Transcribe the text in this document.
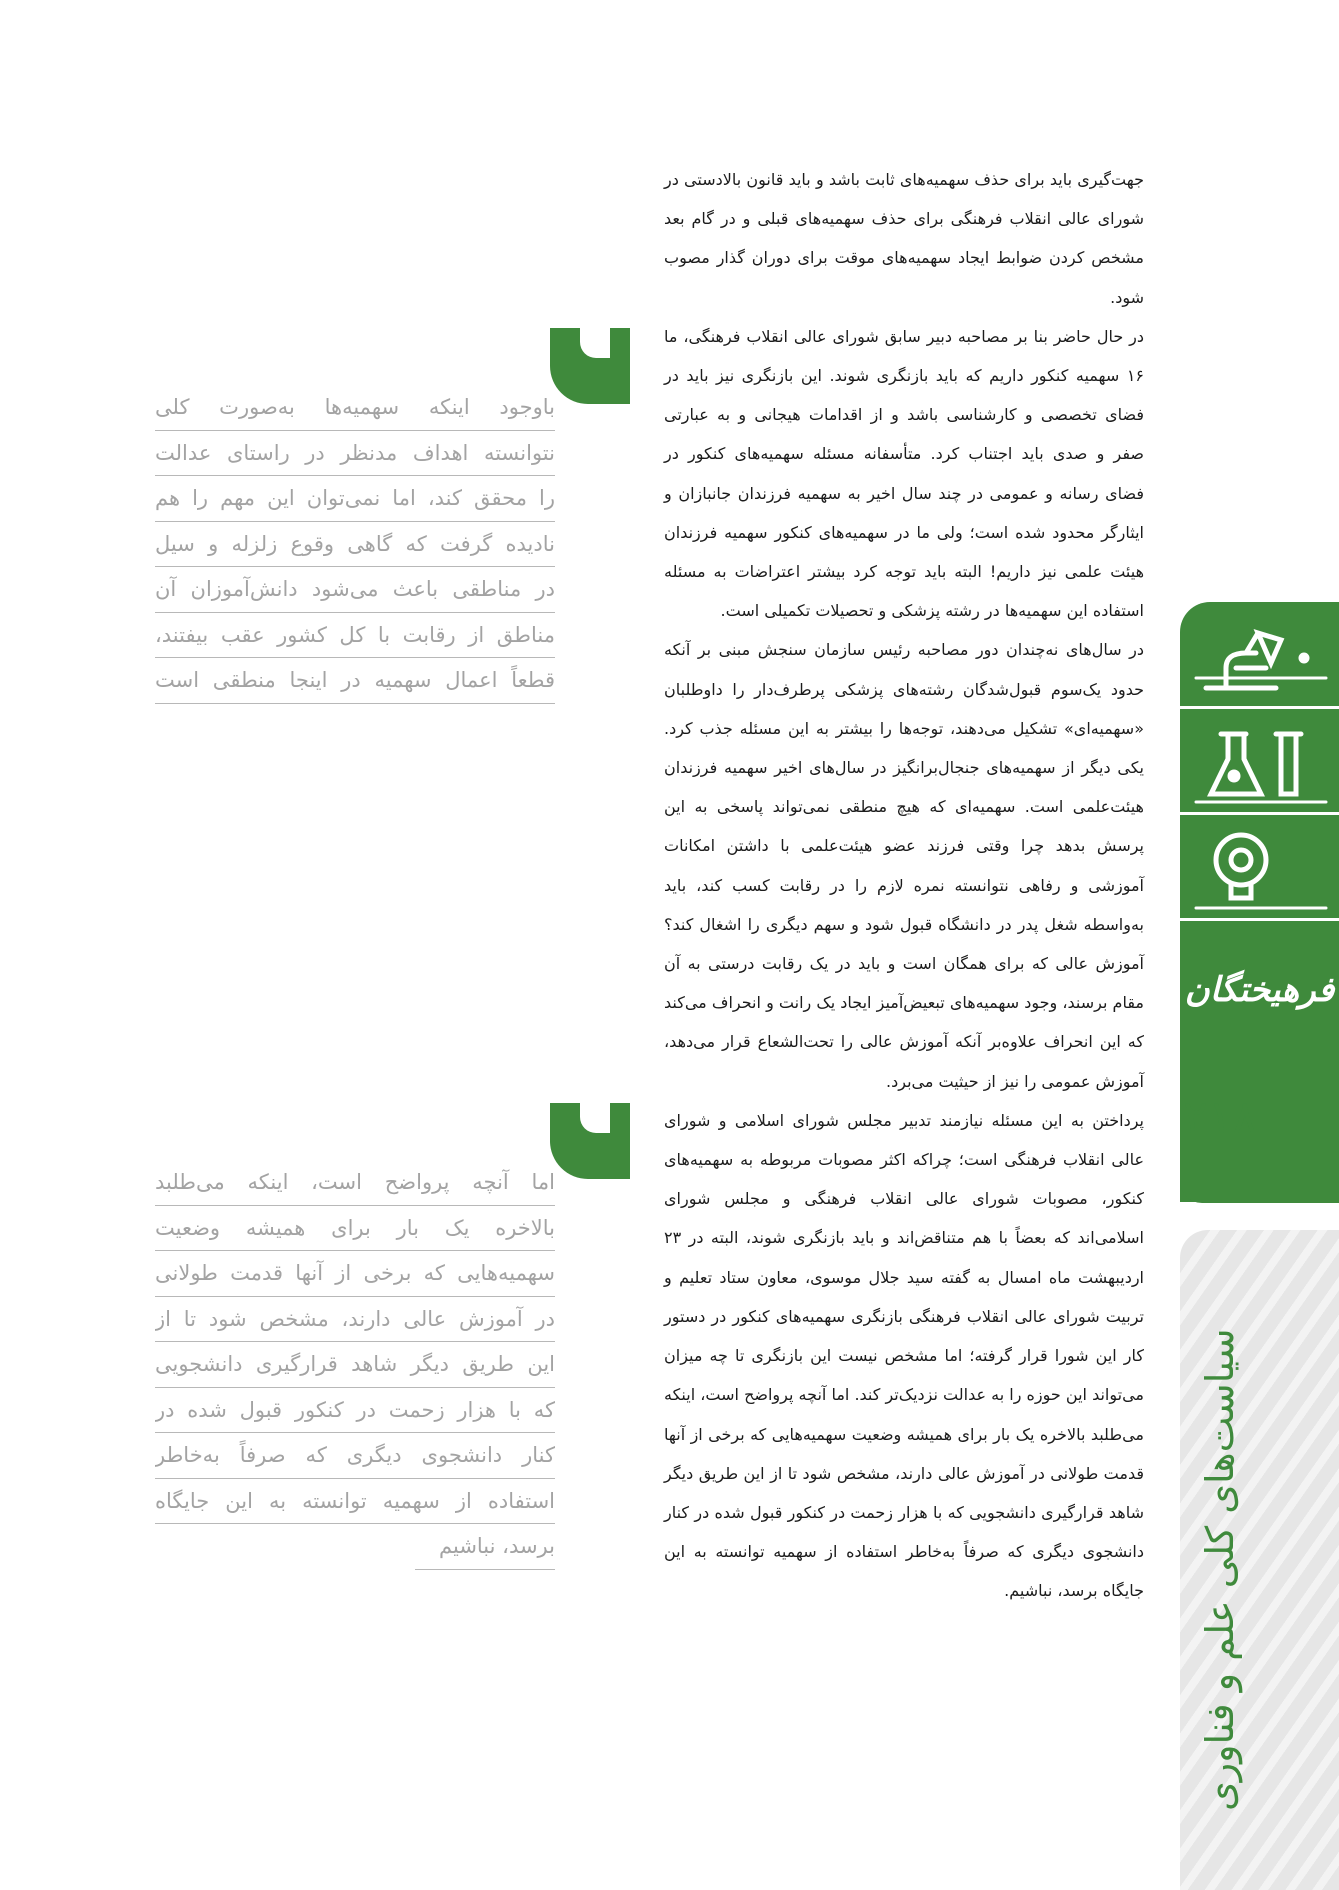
جهت‌گیری باید برای حذف سهمیه‌های ثابت باشد و باید قانون بالادستی در شورای عالی انقلاب فرهنگی برای حذف سهمیه‌های قبلی و در گام بعد مشخص کردن ضوابط ایجاد سهمیه‌های موقت برای دوران گذار مصوب شود.

در حال حاضر بنا بر مصاحبه دبیر سابق شورای عالی انقلاب فرهنگی، ما ۱۶ سهمیه کنکور داریم که باید بازنگری شوند. این بازنگری نیز باید در فضای تخصصی و کارشناسی باشد و از اقدامات هیجانی و به عبارتی صفر و صدی باید اجتناب کرد. متأسفانه مسئله سهمیه‌های کنکور در فضای رسانه و عمومی در چند سال اخیر به سهمیه فرزندان جانبازان و ایثارگر محدود شده است؛ ولی ما در سهمیه‌های کنکور سهمیه فرزندان هیئت علمی نیز داریم! البته باید توجه کرد بیشتر اعتراضات به مسئله استفاده این سهمیه‌ها در رشته پزشکی و تحصیلات تکمیلی است.

در سال‌های نه‌چندان دور مصاحبه رئیس سازمان سنجش مبنی بر آنکه حدود یک‌سوم قبول‌شدگان رشته‌های پزشکی پرطرف‌دار را داوطلبان «سهمیه‌ای» تشکیل می‌دهند، توجه‌ها را بیشتر به این مسئله جذب کرد. یکی دیگر از سهمیه‌های جنجال‌برانگیز در سال‌های اخیر سهمیه فرزندان هیئت‌علمی است. سهمیه‌ای که هیچ منطقی نمی‌تواند پاسخی به این پرسش بدهد چرا وقتی فرزند عضو هیئت‌علمی با داشتن امکانات آموزشی و رفاهی نتوانسته نمره لازم را در رقابت کسب کند، باید به‌واسطه شغل پدر در دانشگاه قبول شود و سهم دیگری را اشغال کند؟ آموزش عالی که برای همگان است و باید در یک رقابت درستی به آن مقام برسند، وجود سهمیه‌های تبعیض‌آمیز ایجاد یک رانت و انحراف می‌کند که این انحراف علاوه‌بر آنکه آموزش عالی را تحت‌الشعاع قرار می‌دهد، آموزش عمومی را نیز از حیثیت می‌برد.

پرداختن به این مسئله نیازمند تدبیر مجلس شورای اسلامی و شورای عالی انقلاب فرهنگی است؛ چراکه اکثر مصوبات مربوطه به سهمیه‌های کنکور، مصوبات شورای عالی انقلاب فرهنگی و مجلس شورای اسلامی‌اند که بعضاً با هم متناقض‌اند و باید بازنگری شوند، البته در ۲۳ اردیبهشت ماه امسال به گفته سید جلال موسوی، معاون ستاد تعلیم و تربیت شورای عالی انقلاب فرهنگی بازنگری سهمیه‌های کنکور در دستور کار این شورا قرار گرفته؛ اما مشخص نیست این بازنگری تا چه میزان می‌تواند این حوزه را به عدالت نزدیک‌تر کند. اما آنچه پرواضح است، اینکه می‌طلبد بالاخره یک بار برای همیشه وضعیت سهمیه‌هایی که برخی از آنها قدمت طولانی در آموزش عالی دارند، مشخص شود تا از این طریق دیگر شاهد قرارگیری دانشجویی که با هزار زحمت در کنکور قبول شده در کنار دانشجوی دیگری که صرفاً به‌خاطر استفاده از سهمیه توانسته به این جایگاه برسد، نباشیم.

باوجود اینکه سهمیه‌ها به‌صورت کلی
نتوانسته اهداف مدنظر در راستای عدالت
را محقق کند، اما نمی‌توان این مهم را هم
نادیده گرفت که گاهی وقوع زلزله و سیل
در مناطقی باعث می‌شود دانش‌آموزان آن
مناطق از رقابت با کل کشور عقب بیفتند،
قطعاً اعمال سهمیه در اینجا منطقی است
اما آنچه پرواضح است، اینکه می‌طلبد
بالاخره یک بار برای همیشه وضعیت
سهمیه‌هایی که برخی از آنها قدمت طولانی
در آموزش عالی دارند، مشخص شود تا از
این طریق دیگر شاهد قرارگیری دانشجویی
که با هزار زحمت در کنکور قبول شده در
کنار دانشجوی دیگری که صرفاً به‌خاطر
استفاده از سهمیه توانسته به این جایگاه
برسد، نباشیم
فرهیختگان
۲۱۸
سیاست‌های کلی علم و فناوری
